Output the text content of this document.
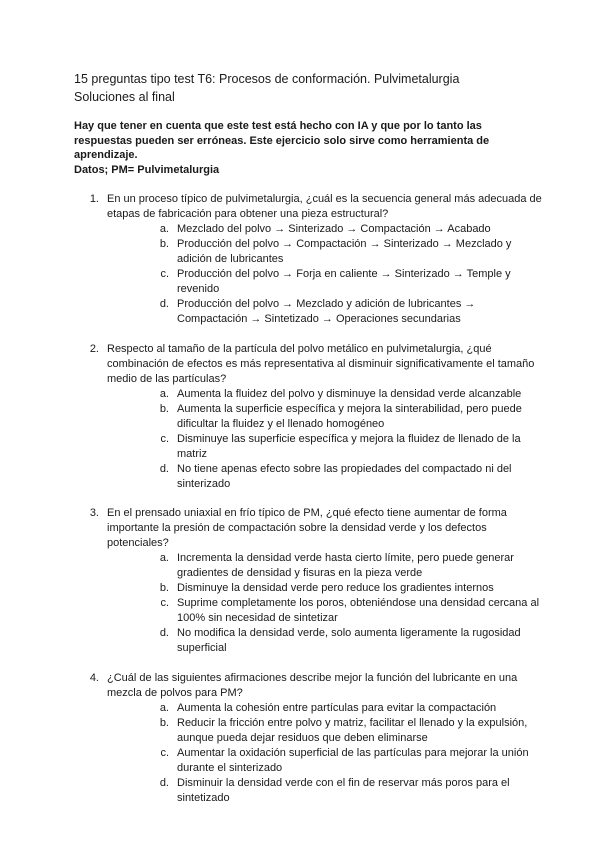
15 preguntas tipo test T6: Procesos de conformación. Pulvimetalurgia
Soluciones al final
Hay que tener en cuenta que este test está hecho con IA y que por lo tanto las respuestas pueden ser erróneas. Este ejercicio solo sirve como herramienta de aprendizaje.
Datos; PM= Pulvimetalurgia
1. En un proceso típico de pulvimetalurgia, ¿cuál es la secuencia general más adecuada de etapas de fabricación para obtener una pieza estructural?
a. Mezclado del polvo → Sinterizado → Compactación → Acabado
b. Producción del polvo → Compactación → Sinterizado → Mezclado y adición de lubricantes
c. Producción del polvo → Forja en caliente → Sinterizado → Temple y revenido
d. Producción del polvo → Mezclado y adición de lubricantes → Compactación → Sintetizado → Operaciones secundarias
2. Respecto al tamaño de la partícula del polvo metálico en pulvimetalurgia, ¿qué combinación de efectos es más representativa al disminuir significativamente el tamaño medio de las partículas?
a. Aumenta la fluidez del polvo y disminuye la densidad verde alcanzable
b. Aumenta la superficie específica y mejora la sinterabilidad, pero puede dificultar la fluidez y el llenado homogéneo
c. Disminuye las superficie específica y mejora la fluidez de llenado de la matriz
d. No tiene apenas efecto sobre las propiedades del compactado ni del sinterizado
3. En el prensado uniaxial en frío típico de PM, ¿qué efecto tiene aumentar de forma importante la presión de compactación sobre la densidad verde y los defectos potenciales?
a. Incrementa la densidad verde hasta cierto límite, pero puede generar gradientes de densidad y fisuras en la pieza verde
b. Disminuye la densidad verde pero reduce los gradientes internos
c. Suprime completamente los poros, obteniéndose una densidad cercana al 100% sin necesidad de sintetizar
d. No modifica la densidad verde, solo aumenta ligeramente la rugosidad superficial
4. ¿Cuál de las siguientes afirmaciones describe mejor la función del lubricante en una mezcla de polvos para PM?
a. Aumenta la cohesión entre partículas para evitar la compactación
b. Reducir la fricción entre polvo y matriz, facilitar el llenado y la expulsión, aunque pueda dejar residuos que deben eliminarse
c. Aumentar la oxidación superficial de las partículas para mejorar la unión durante el sinterizado
d. Disminuir la densidad verde con el fin de reservar más poros para el sintetizado
